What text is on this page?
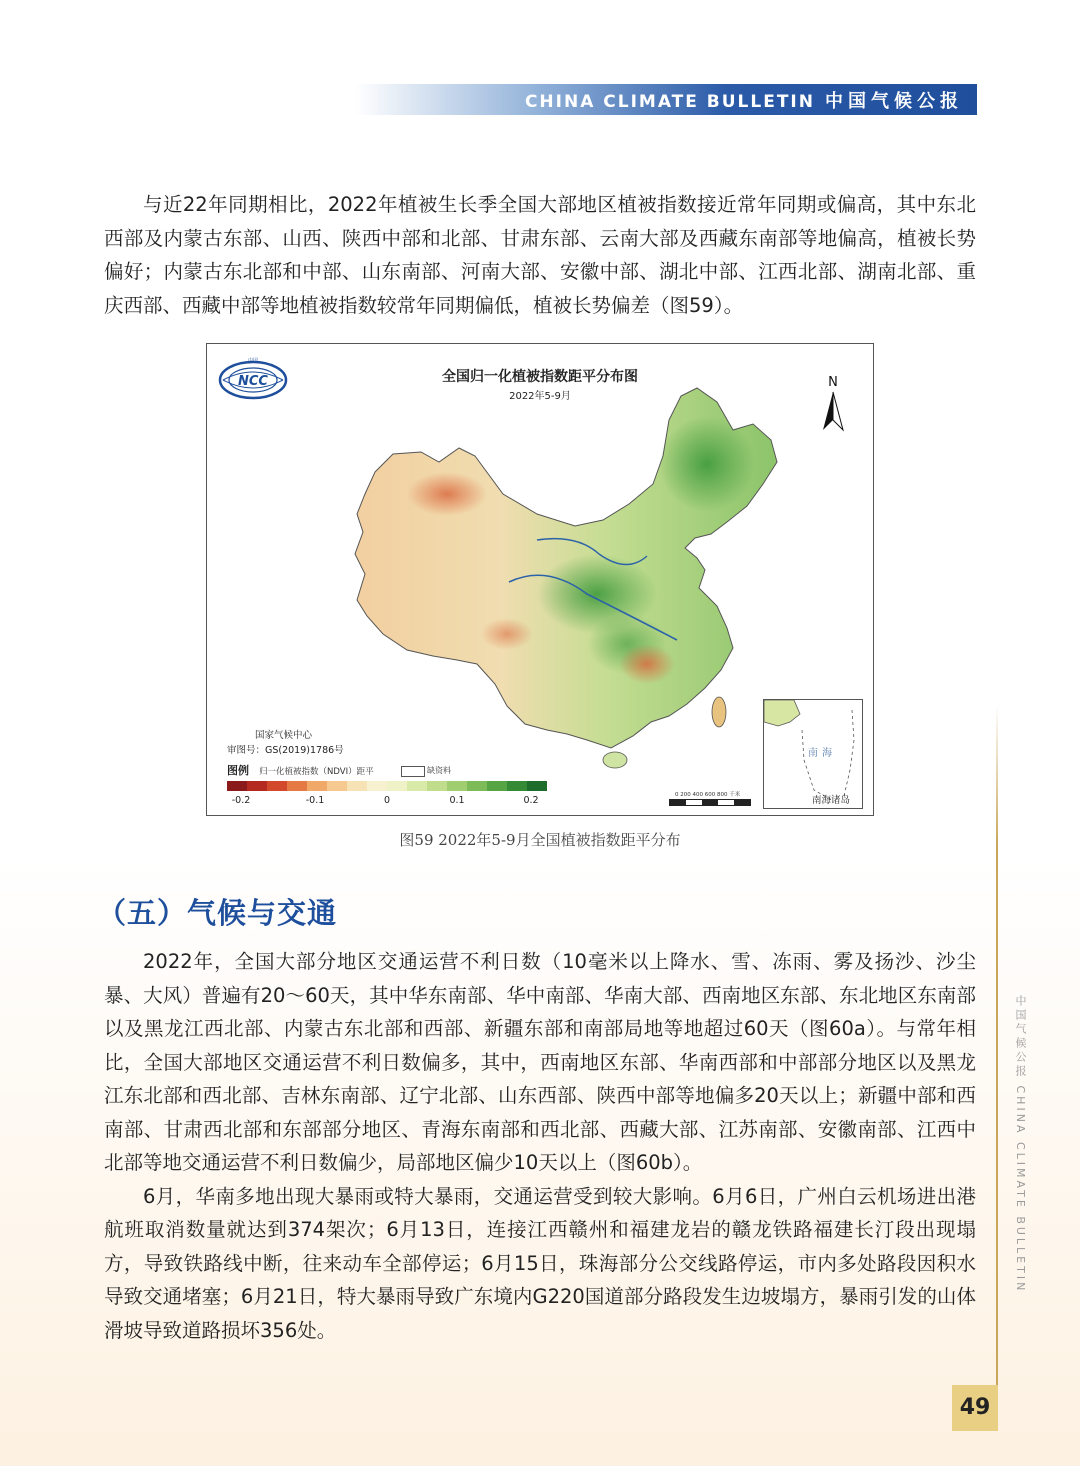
CHINA CLIMATE BULLETIN 中国气候公报

与近22年同期相比，2022年植被生长季全国大部地区植被指数接近常年同期或偏高，其中东北西部及内蒙古东部、山西、陕西中部和北部、甘肃东部、云南大部及西藏东南部等地偏高，植被长势偏好；内蒙古东北部和中部、山东南部、河南大部、安徽中部、湖北中部、江西北部、湖南北部、重庆西部、西藏中部等地植被指数较常年同期偏低，植被长势偏差（图59）。

NCC
中国
全国归一化植被指数距平分布图
2022年5-9月
N
国家气候中心
审图号：GS(2019)1786号
图例 归一化植被指数（NDVI）距平	缺资料
-0.2	-0.1	0	0.1	0.2	0 200 400 600 800 千米
南海
南海诸岛
图59 2022年5-9月全国植被指数距平分布
（五）气候与交通

2022年，全国大部分地区交通运营不利日数（10毫米以上降水、雪、冻雨、雾及扬沙、沙尘暴、大风）普遍有20～60天，其中华东南部、华中南部、华南大部、西南地区东部、东北地区东南部以及黑龙江西北部、内蒙古东北部和西部、新疆东部和南部局地等地超过60天（图60a）。与常年相比，全国大部地区交通运营不利日数偏多，其中，西南地区东部、华南西部和中部部分地区以及黑龙江东北部和西北部、吉林东南部、辽宁北部、山东西部、陕西中部等地偏多20天以上；新疆中部和西南部、甘肃西北部和东部部分地区、青海东南部和西北部、西藏大部、江苏南部、安徽南部、江西中北部等地交通运营不利日数偏少，局部地区偏少10天以上（图60b）。

6月，华南多地出现大暴雨或特大暴雨，交通运营受到较大影响。6月6日，广州白云机场进出港航班取消数量就达到374架次；6月13日，连接江西赣州和福建龙岩的赣龙铁路福建长汀段出现塌方，导致铁路线中断，往来动车全部停运；6月15日，珠海部分公交线路停运，市内多处路段因积水导致交通堵塞；6月21日，特大暴雨导致广东境内G220国道部分路段发生边坡塌方，暴雨引发的山体滑坡导致道路损坏356处。

中国气候公报 CHINA CLIMATE BULLETIN
49
